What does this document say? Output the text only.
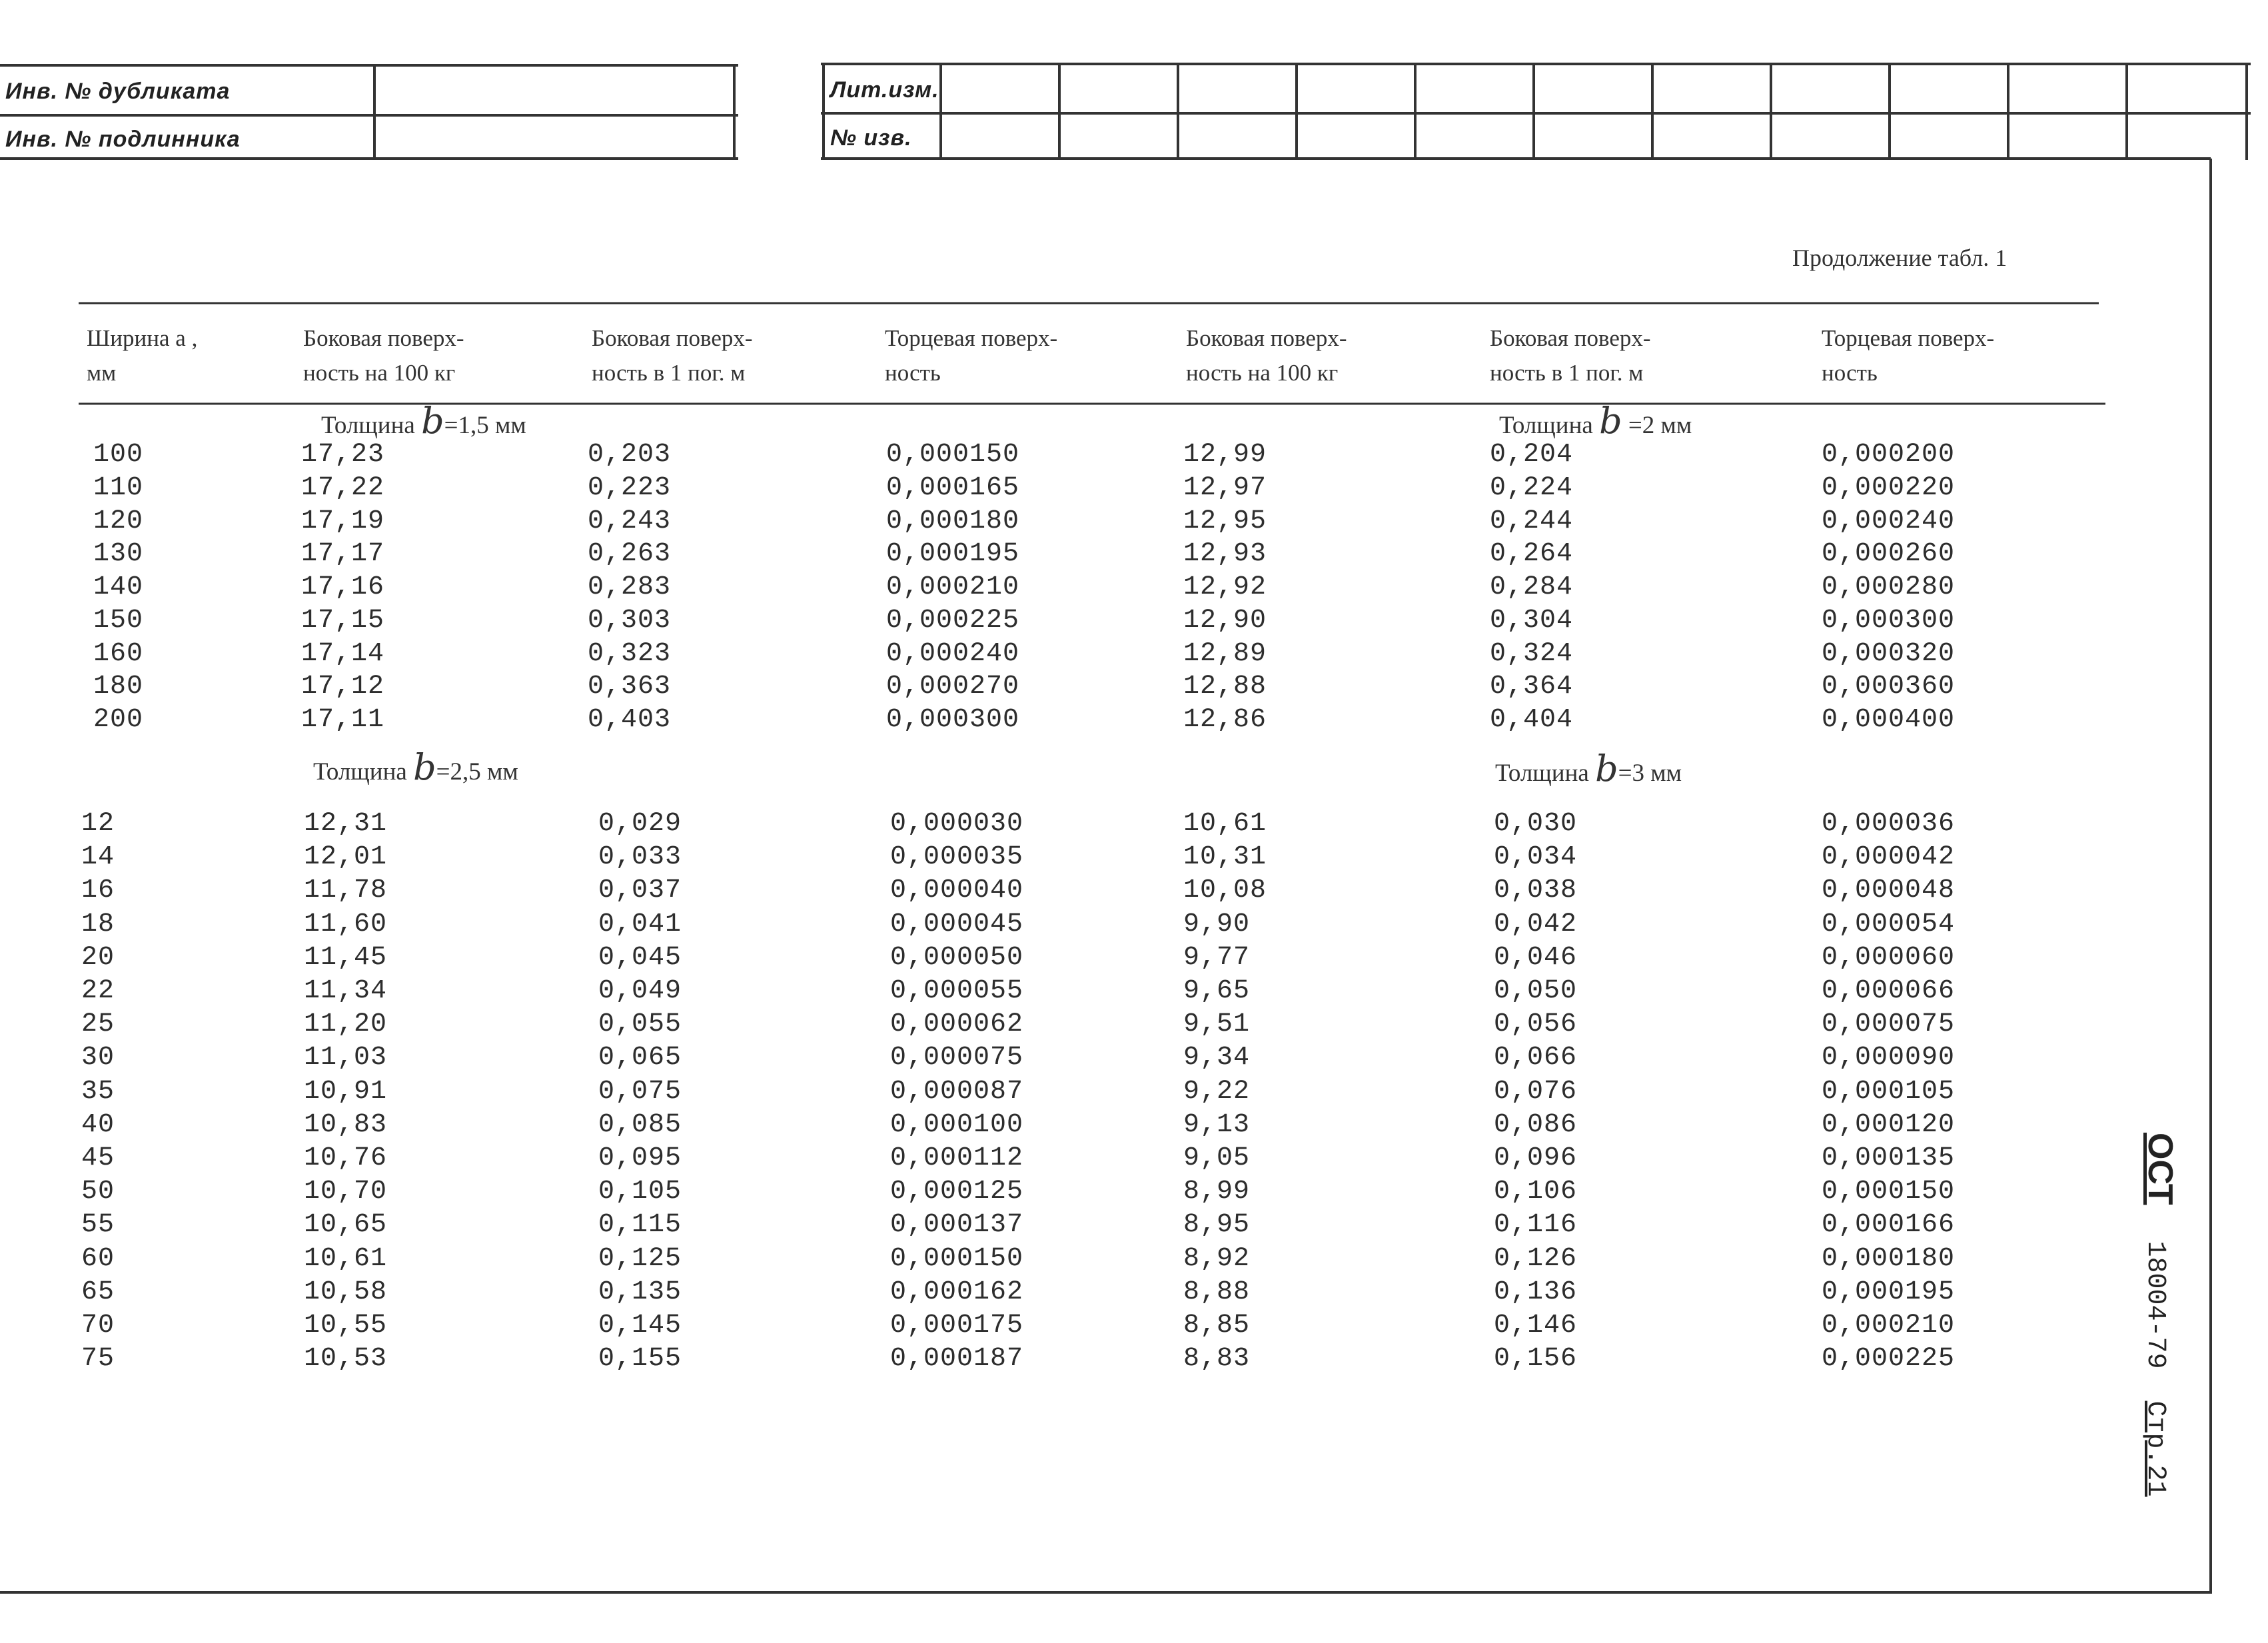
Инв. № дубликата
Инв. № подлинника
Лит.изм.
№ изв.
Продолжение табл. 1
Ширина a ,
мм
Боковая поверх-
ность на 100 кг
Боковая поверх-
ность в 1 пог. м
Торцевая поверх-
ность
Боковая поверх-
ность на 100 кг
Боковая поверх-
ность в 1 пог. м
Торцевая поверх-
ность
Толщина b=1,5 мм	Толщина b =2 мм
Толщина b=2,5 мм	Толщина b=3 мм
100	17,23	0,203	0,000150	12,99	0,204	0,000200
110	17,22	0,223	0,000165	12,97	0,224	0,000220
120	17,19	0,243	0,000180	12,95	0,244	0,000240
130	17,17	0,263	0,000195	12,93	0,264	0,000260
140	17,16	0,283	0,000210	12,92	0,284	0,000280
150	17,15	0,303	0,000225	12,90	0,304	0,000300
160	17,14	0,323	0,000240	12,89	0,324	0,000320
180	17,12	0,363	0,000270	12,88	0,364	0,000360
200	17,11	0,403	0,000300	12,86	0,404	0,000400
12	12,31	0,029	0,000030	10,61	0,030	0,000036
14	12,01	0,033	0,000035	10,31	0,034	0,000042
16	11,78	0,037	0,000040	10,08	0,038	0,000048
18	11,60	0,041	0,000045	9,90	0,042	0,000054
20	11,45	0,045	0,000050	9,77	0,046	0,000060
22	11,34	0,049	0,000055	9,65	0,050	0,000066
25	11,20	0,055	0,000062	9,51	0,056	0,000075
30	11,03	0,065	0,000075	9,34	0,066	0,000090
35	10,91	0,075	0,000087	9,22	0,076	0,000105
40	10,83	0,085	0,000100	9,13	0,086	0,000120
45	10,76	0,095	0,000112	9,05	0,096	0,000135
50	10,70	0,105	0,000125	8,99	0,106	0,000150
55	10,65	0,115	0,000137	8,95	0,116	0,000166
60	10,61	0,125	0,000150	8,92	0,126	0,000180
65	10,58	0,135	0,000162	8,88	0,136	0,000195
70	10,55	0,145	0,000175	8,85	0,146	0,000210
75	10,53	0,155	0,000187	8,83	0,156	0,000225
ОСТ 18004-79 Стр.21
